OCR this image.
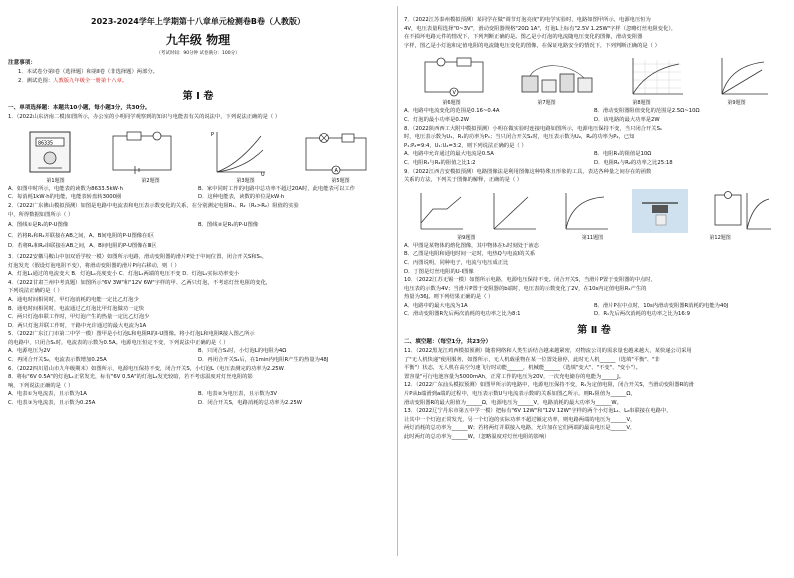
2023-2024学年上学期第十八章单元检测卷B卷（人教版）
九年级 物理
（考试时间：90分钟 试卷满分：100分）
注意事项：
1．本试卷分第Ⅰ卷（选择题）和第Ⅱ卷（非选择题）两部分。
2．测试范围：人教版九年级全一册第十八章。
第 Ⅰ 卷
一、单项选择题：本题共10小题，每小题3分，共30分。
1．（2022山东济南二模)如图所示，办公室的小明同学观察到的知识与电能表有关的说法中，下列说法正确的是（ ）
86335
P
U
A
第1题图	第2题图	第3题图	第5题图
A．如图中时所示，电能表的读数为8633.5kW·h	B．家中同时工作的电路中总功率不超过20A时，此电能表可以工作
C．每消耗1kW·h的电能，电能表转盘转3000圈	D．这种电能表，读数的单位是kW·h
2．（2022广东佛山模拟预测）如图是电路中电流表和电压表示数变化的关系，在分别测定电阻R₁、R₂（R₁>R₂）阻值的实验
中，所得数据如图所示（ ）
A．图线①是R₁的P-U图像	B．图线②是R₁的P-U图像
C．若将R₁和R₂并联接在AB之间，A、B间电阻的P-U图像在Ⅰ区
D．若将R₁和R₂串联接在AB之间，A、B间电阻的P-U图像在Ⅲ区
3．（2022安徽马鞍山中加双语学校一模）如图所示电路，滑动变阻器的滑片P处于中间位置，闭合开关S和S₁，
灯泡发光（假设灯泡电阻不变），将滑动变阻器的滑片P向右移动，则（ ）
A．灯泡L₁通过的电流变大 B．灯泡L₁亮度变小 C．灯泡L₁两端的电压不变 D．灯泡L₁实际功率变小
4．（2022甘肃兰州中考真题）如图所示"6V 3W"和"12V 6W"字样的甲、乙两只灯泡，不考虑灯丝电阻的变化，
下列说法正确的是（ ）
A．通电时间相同时，甲灯泡消耗的电能一定比乙灯泡少
B．通电时间相同时，电流通过乙灯泡比甲灯泡做功一定快
C．两只灯泡串联工作时，甲灯泡产生的热量一定比乙灯泡少
D．两只灯泡并联工作时，干路中允许通过的最大电流为1A
5．（2022广东江门市第二中学一模）图甲是小灯泡L和电阻R的I-U图像。将小灯泡L和电阻R接入图乙所示
的电路中，只闭合S₁时，电流表的示数为0.5A。电源电压恒定不变，下列说法中正确的是（ ）
A．电源电压为2V	B．只闭合S₁时，小灯泡L的电阻为4Ω
C．再闭合开关S₂，电流表示数增加0.25A	D．再闭合开关S₂后，在1min内电阻R产生的热量为48J
6．（2022四川眉山市九年级期末）如图所示，电源电压保持不变，闭合开关S，小灯泡L（电压表测完的功率为2.25W
8．将标"6V 0.5A"的灯泡L₁正常发光，标有"6V 0.5A"的灯泡L₂发光较暗，若不考虑温度对灯丝电阻的影
响，下列说法正确的是（ ）
A．电表①为电流表，且示数为1A	B．电表②为电压表，且示数为3V
C．电表③为电流表，且示数为0.25A	D．闭合开关S，电路消耗的总功率为2.25W
7．（2022江苏泰州模拟预测）某同学在做"调节灯泡亮度"的电学实验时，电路如图甲所示，电源电压恒为
4V，电压表量程选择"0~3V"，滑动变阻器规格"20Ω 1A"，灯泡L上标有"2.5V 1.25W"字样（忽略灯丝电阻变化），
在不损坏电路元件的情况下，下列判断正确的是。图乙是小灯泡的电流随电压变化的图像，滑动变阻器
字样，图乙是小灯泡和定值电阻的电流随电压变化的图像，在保证电路安全的情况下，下列判断正确的是（ ）
V
第6题图	第7题图	第8题图	第9题图
A．电路中电流变化的范围是0.16~0.4A	B．滑动变阻器阻值变化的范围是2.5Ω~10Ω
C．灯泡的最小功率是0.2W	D．该电路的最大功率是2W
8．（2022陕西西工大附中模拟预测）小明在做实验时连接电路如图所示，电源电压保持不变，当只闭合开关S₁
时，电压表示数为U₁，R₁的功率为P₁；当只闭合开关S₂时，电压表示数为U₂，R₂的功率为P₂，已知
P₁:P₂=9:4，U₁:U₂=3:2，则下列说法正确的是（ ）
A．电路中允许通过的最大电流是0.5A	B．电阻R₁的阻值是10Ω
C．电阻R₁与R₂的阻值之比1:2	D．电阻R₁与R₂的功率之比25:18
9．（2022江西吉安模拟预测）电路图像法是利用图像这种特殊且形象的工具，表达各种量之间存在的函数
关系的方法，下列关于图像的解释，正确的是（ ）
第9题图	第11题图	第12题图
A．甲图是某物体的熔化图像，其中物体在t₁时刻处于液态
B．乙图是电阻和通电时间一定时，电热Q与电流I的关系
C．丙图说明，同种电子，电流与电压成正比
D．丁图是灯丝电阻的U-I图像
10．（2022江苏无锡一模）如图所示电路，电源电压保持不变。闭合开关S，当滑片P置于变阻器的中点时，
电压表的示数为4V；当滑片P置于变阻器的b端时，电压表的示数变化了2V，在10s内定值电阻R₁产生的
热量为36J。则下列结果正确的是（ ）
A．电路中的最大电流为1A	B．滑片P在中点时，10s内滑动变阻器R消耗的电能为40J
C．滑动变阻器R先后两次消耗的电功率之比为8:1	D．R₁先后两次消耗的电功率之比为16:9
第 Ⅱ 卷
二、填空题：（每空1分，共23分）
11．（2022黑龙江鸡西模拟预测）随着网络和人类生活结合越来越紧密，对物流公司的需求量也越来越大，某快递公司采用
了"无人机快递"使用服务，如图所示，无人机载重物在某一位置处悬停，此时无人机______（选填"平衡"、"非
平衡"）状态，无人机在高空匀速飞行时动能______，机械能______（选填"变大"、"不变"、"变小"）。
置容量"可行电池容量为5000mAh，正常工作的电压为20V，一次充电储存的电能为______J。
12．（2022广东汕头模拟预测）如图甲所示的电路中，电源电压保持不变，R₁为定值电阻，闭合开关S，当滑动变阻器R的滑
片P从b端滑到a端的过程中，电压表示数U与电流表示数I的关系如图乙所示，则R₁阻值为______Ω，
滑动变阻器R的最大阻值为______Ω，电源电压为______V，电路消耗的最大功率为______W。
13．（2022辽宁丹东市第五中学一模）把标有"6V 12W"和"12V 12W"字样的两个小灯泡L₁、L₂串联接在电路中，
让其中一个灯泡正常发光，另一个灯泡的实际功率不超过额定功率，则电路两端的电压为______V，
两灯消耗的总功率为______W；若将两灯并联接入电路，允许加在它们两端的最高电压是______V，
此时两灯的总功率为______W。（忽略温度对灯丝电阻的影响）
